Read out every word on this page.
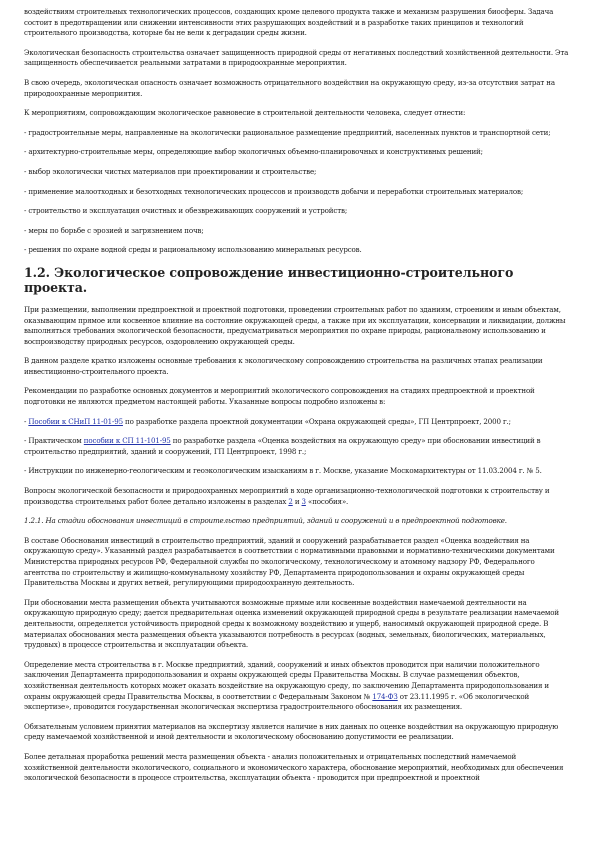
воздействиям строительных технологических процессов, создающих кроме целевого продукта также и механизм разрушения биосферы. Задача состоит в предотвращении или снижении интенсивности этих разрушающих воздействий и в разработке таких принципов и технологий строительного производства, которые бы не вели к деградации среды жизни.

Экологическая безопасность строительства означает защищенность природной среды от негативных последствий хозяйственной деятельности. Эта защищенность обеспечивается реальными затратами в природоохранные мероприятия.

В свою очередь, экологическая опасность означает возможность отрицательного воздействия на окружающую среду, из-за отсутствия затрат на природоохранные мероприятия.

К мероприятиям, сопровождающим экологическое равновесие в строительной деятельности человека, следует отнести:

- градостроительные меры, направленные на экологически рациональное размещение предприятий, населенных пунктов и транспортной сети;

- архитектурно-строительные меры, определяющие выбор экологичных объемно-планировочных и конструктивных решений;

- выбор экологически чистых материалов при проектировании и строительстве;

- применение малоотходных и безотходных технологических процессов и производств добычи и переработки строительных материалов;

- строительство и эксплуатация очистных и обезвреживающих сооружений и устройств;

- меры по борьбе с эрозией и загрязнением почв;

- решения по охране водной среды и рациональному использованию минеральных ресурсов.

1.2. Экологическое сопровождение инвестиционно-строительного проекта.

При размещении, выполнении предпроектной и проектной подготовки, проведении строительных работ по зданиям, строениям и иным объектам, оказывающим прямое или косвенное влияние на состояние окружающей среды, а также при их эксплуатации, консервации и ликвидации, должны выполняться требования экологической безопасности, предусматриваться мероприятия по охране природы, рациональному использованию и воспроизводству природных ресурсов, оздоровлению окружающей среды.

В данном разделе кратко изложены основные требования к экологическому сопровождению строительства на различных этапах реализации инвестиционно-строительного проекта.

Рекомендации по разработке основных документов и мероприятий экологического сопровождения на стадиях предпроектной и проектной подготовки не являются предметом настоящей работы. Указанные вопросы подробно изложены в:

- Пособии к СНиП 11-01-95 по разработке раздела проектной документации «Охрана окружающей среды», ГП Центрпроект, 2000 г.;

- Практическом пособии к СП 11-101-95 по разработке раздела «Оценка воздействия на окружающую среду» при обосновании инвестиций в строительство предприятий, зданий и сооружений, ГП Центрпроект, 1998 г.;

- Инструкции по инженерно-геологическим и геоэкологическим изысканиям в г. Москве, указание Москомархитектуры от 11.03.2004 г. № 5.

Вопросы экологической безопасности и природоохранных мероприятий в ходе организационно-технологической подготовки к строительству и производства строительных работ более детально изложены в разделах 2 и 3 «пособия».

1.2.1. На стадии обоснования инвестиций в строительство предприятий, зданий и сооружений и в предпроектной подготовке.

В составе Обоснования инвестиций в строительство предприятий, зданий и сооружений разрабатывается раздел «Оценка воздействия на окружающую среду». Указанный раздел разрабатывается в соответствии с нормативными правовыми и нормативно-техническими документами Министерства природных ресурсов РФ, Федеральной службы по экологическому, технологическому и атомному надзору РФ, Федерального агентства по строительству и жилищно-коммунальному хозяйству РФ, Департамента природопользования и охраны окружающей среды Правительства Москвы и других ветвей, регулирующими природоохранную деятельность.

При обосновании места размещения объекта учитываются возможные прямые или косвенные воздействия намечаемой деятельности на окружающую природную среду; дается предварительная оценка изменений окружающей природной среды в результате реализации намечаемой деятельности, определяется устойчивость природной среды к возможному воздействию и ущерб, наносимый окружающей природной среде. В материалах обоснования места размещения объекта указываются потребность в ресурсах (водных, земельных, биологических, материальных, трудовых) в процессе строительства и эксплуатации объекта.

Определение места строительства в г. Москве предприятий, зданий, сооружений и иных объектов проводится при наличии положительного заключения Департамента природопользования и охраны окружающей среды Правительства Москвы. В случае размещения объектов, хозяйственная деятельность которых может оказать воздействие на окружающую среду, по заключению Департамента природопользования и охраны окружающей среды Правительства Москвы, в соответствии с Федеральным Законом № 174-ФЗ от 23.11.1995 г. «Об экологической экспертизе», проводится государственная экологическая экспертиза градостроительного обоснования их размещения.

Обязательным условием принятия материалов на экспертизу является наличие в них данных по оценке воздействия на окружающую природную среду намечаемой хозяйственной и иной деятельности и экологическому обоснованию допустимости ее реализации.

Более детальная проработка решений места размещения объекта - анализ положительных и отрицательных последствий намечаемой хозяйственной деятельности экологического, социального и экономического характера, обоснование мероприятий, необходимых для обеспечения экологической безопасности в процессе строительства, эксплуатации объекта - проводится при предпроектной и проектной
